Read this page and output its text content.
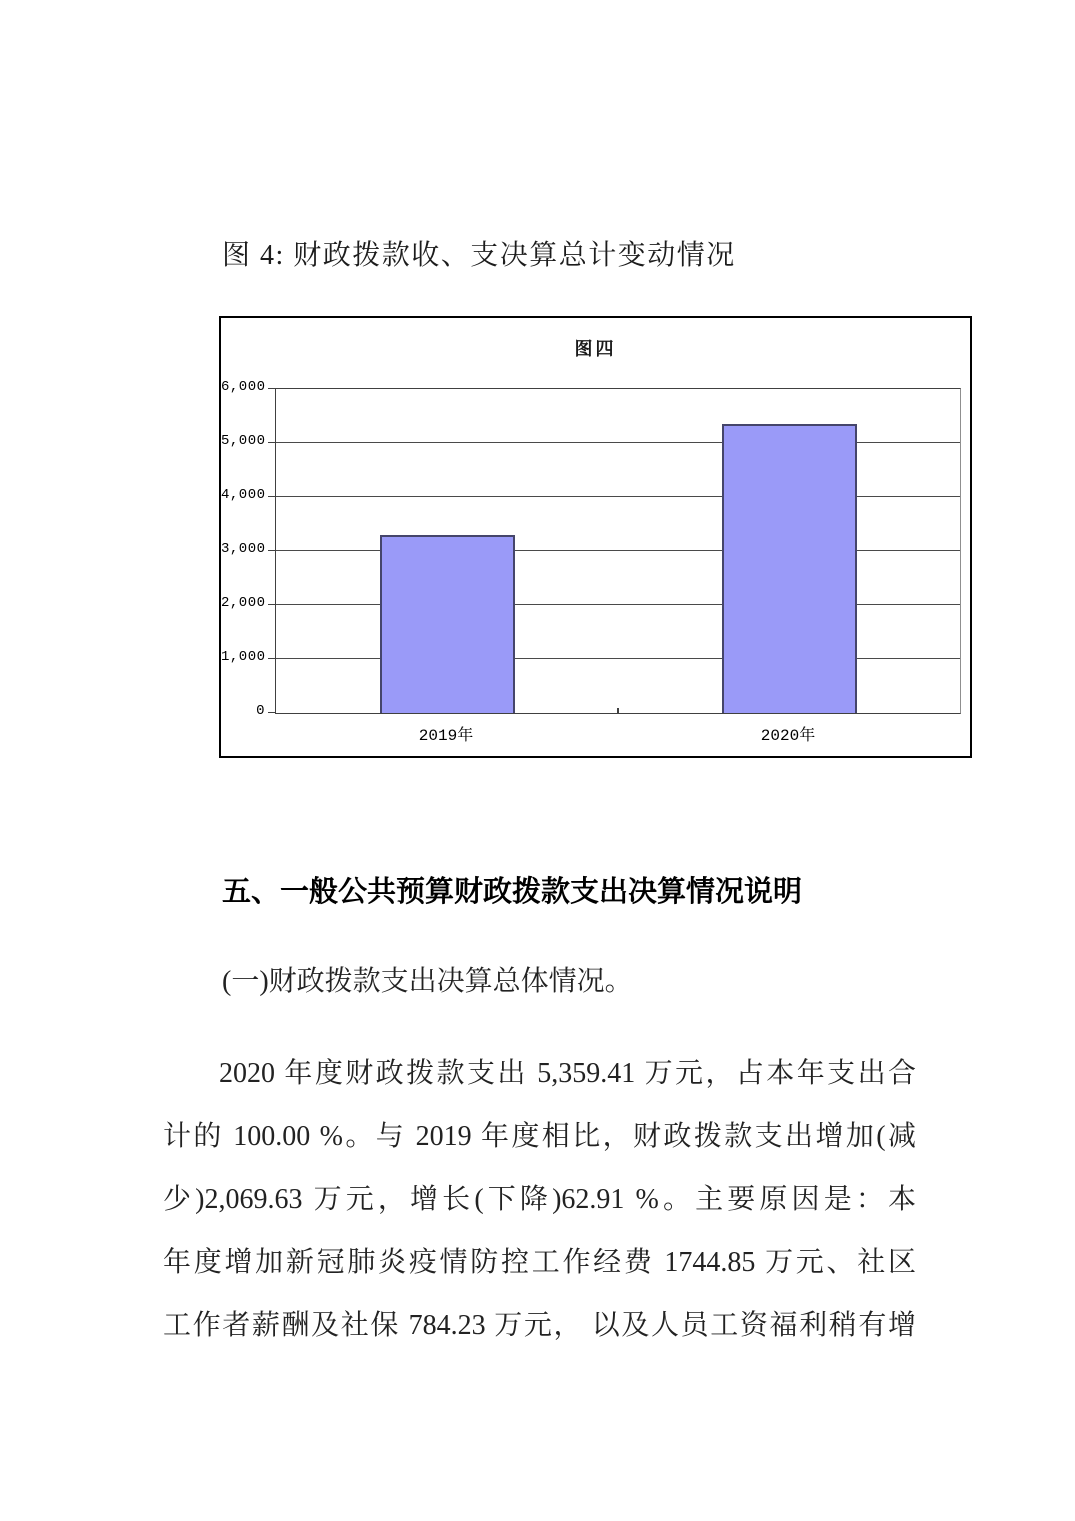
图 4: 财政拨款收、支决算总计变动情况
图四
0
1,000
2,000
3,000
4,000
5,000
6,000
2019年	2020年
五、一般公共预算财政拨款支出决算情况说明
(一)财政拨款支出决算总体情况。
2020 年度财政拨款支出 5,359.41 万元，占本年支出合
计的 100.00 %。与 2019 年度相比，财政拨款支出增加(减
少)2,069.63 万元，增长(下降)62.91 %。主要原因是：本
年度增加新冠肺炎疫情防控工作经费 1744.85 万元、社区
工作者薪酬及社保 784.23 万元， 以及人员工资福利稍有增
